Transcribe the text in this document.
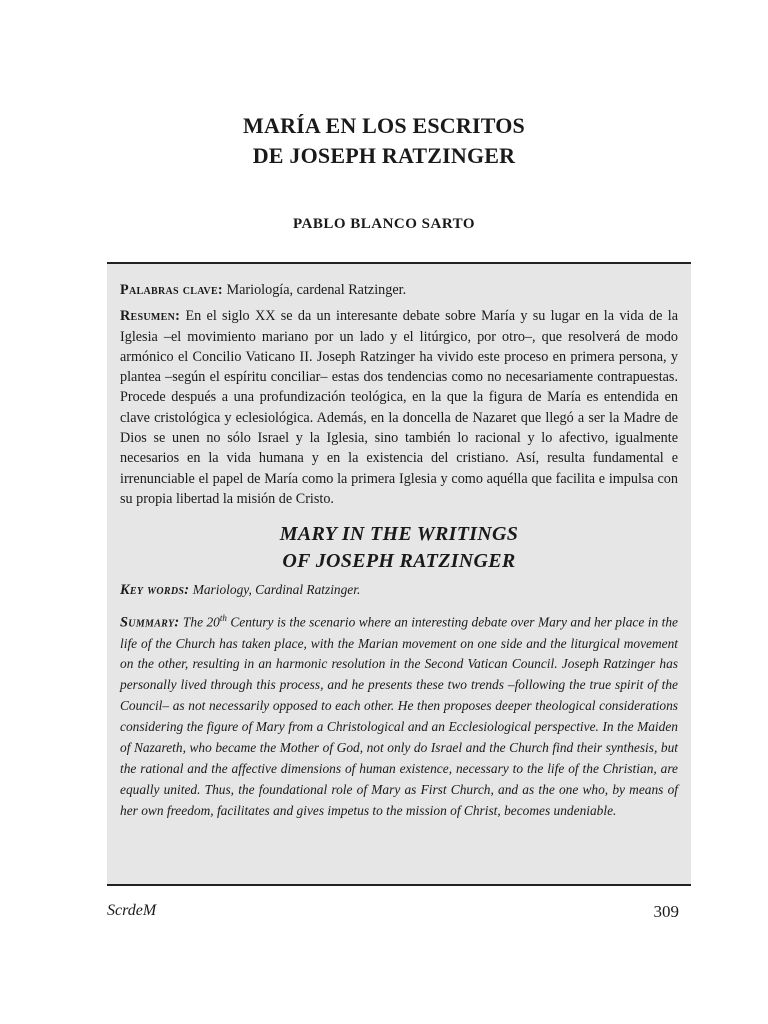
MARÍA EN LOS ESCRITOS
DE JOSEPH RATZINGER
PABLO BLANCO SARTO

Palabras clave: Mariología, cardenal Ratzinger.

Resumen: En el siglo XX se da un interesante debate sobre María y su lugar en la vida de la Iglesia –el movimiento mariano por un lado y el litúrgico, por otro–, que resolverá de modo armónico el Concilio Vaticano II. Joseph Ratzinger ha vivido este proceso en primera persona, y plantea –según el espíritu conciliar– estas dos tendencias como no necesariamente contrapuestas. Procede después a una profundización teológica, en la que la figura de María es entendida en clave cristológica y eclesiológica. Además, en la doncella de Nazaret que llegó a ser la Madre de Dios se unen no sólo Israel y la Iglesia, sino también lo racional y lo afectivo, igualmente necesarios en la vida humana y en la existencia del cristiano. Así, resulta fundamental e irrenunciable el papel de María como la primera Iglesia y como aquélla que facilita e impulsa con su propia libertad la misión de Cristo.

MARY IN THE WRITINGS
OF JOSEPH RATZINGER

Key words: Mariology, Cardinal Ratzinger.

Summary: The 20th Century is the scenario where an interesting debate over Mary and her place in the life of the Church has taken place, with the Marian movement on one side and the liturgical movement on the other, resulting in an harmonic resolution in the Second Vatican Council. Joseph Ratzinger has personally lived through this process, and he presents these two trends –following the true spirit of the Council– as not necessarily opposed to each other. He then proposes deeper theological considerations considering the figure of Mary from a Christological and an Ecclesiological perspective. In the Maiden of Nazareth, who became the Mother of God, not only do Israel and the Church find their synthesis, but the rational and the affective dimensions of human existence, necessary to the life of the Christian, are equally united. Thus, the foundational role of Mary as First Church, and as the one who, by means of her own freedom, facilitates and gives impetus to the mission of Christ, becomes undeniable.

ScrdeM	309
